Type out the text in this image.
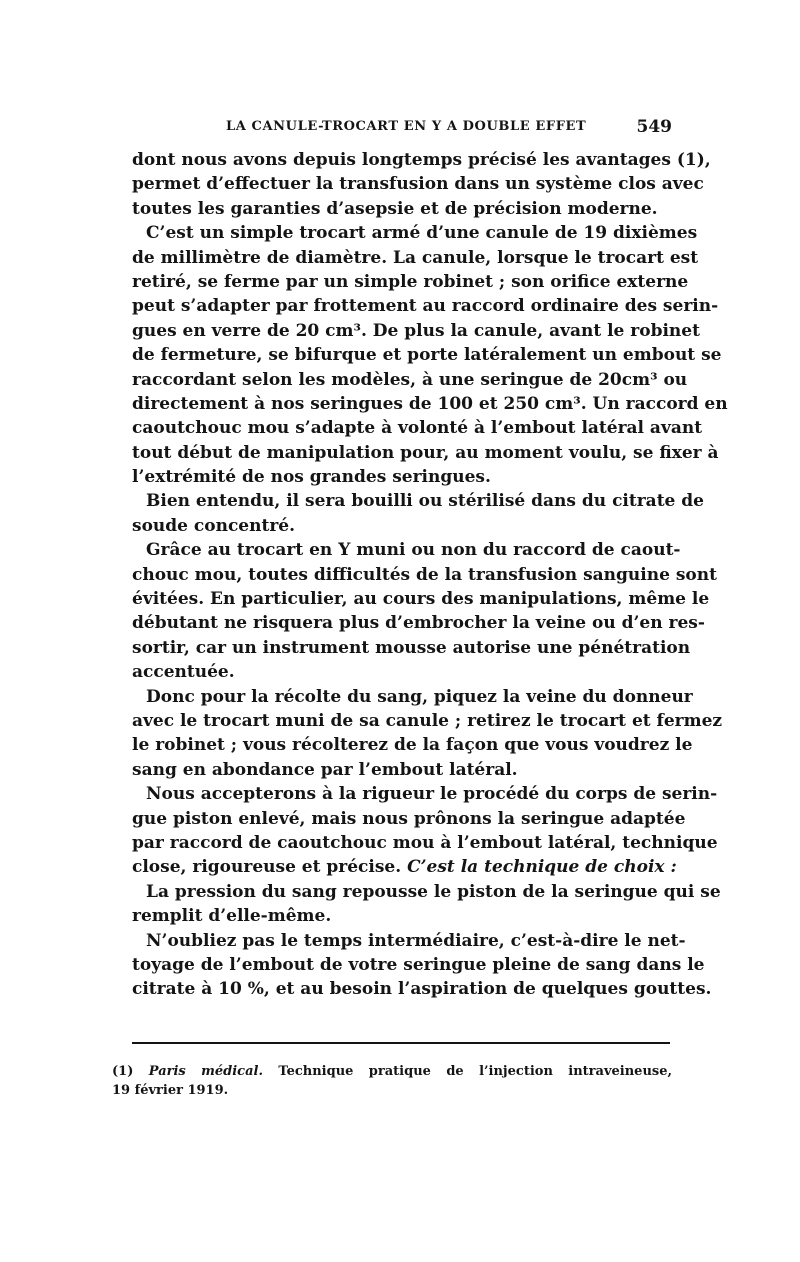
LA CANULE-TROCART EN Y A DOUBLE EFFET	549
dont nous avons depuis longtemps précisé les avantages (1),
permet d’effectuer la transfusion dans un système clos avec
toutes les garanties d’asepsie et de précision moderne.
C’est un simple trocart armé d’une canule de 19 dixièmes
de millimètre de diamètre. La canule, lorsque le trocart est
retiré, se ferme par un simple robinet ; son orifice externe
peut s’adapter par frottement au raccord ordinaire des serin-
gues en verre de 20 cm³. De plus la canule, avant le robinet
de fermeture, se bifurque et porte latéralement un embout se
raccordant selon les modèles, à une seringue de 20cm³ ou
directement à nos seringues de 100 et 250 cm³. Un raccord en
caoutchouc mou s’adapte à volonté à l’embout latéral avant
tout début de manipulation pour, au moment voulu, se fixer à
l’extrémité de nos grandes seringues.
Bien entendu, il sera bouilli ou stérilisé dans du citrate de
soude concentré.
Grâce au trocart en Y muni ou non du raccord de caout-
chouc mou, toutes difficultés de la transfusion sanguine sont
évitées. En particulier, au cours des manipulations, même le
débutant ne risquera plus d’embrocher la veine ou d’en res-
sortir, car un instrument mousse autorise une pénétration
accentuée.
Donc pour la récolte du sang, piquez la veine du donneur
avec le trocart muni de sa canule ; retirez le trocart et fermez
le robinet ; vous récolterez de la façon que vous voudrez le
sang en abondance par l’embout latéral.
Nous accepterons à la rigueur le procédé du corps de serin-
gue piston enlevé, mais nous prônons la seringue adaptée
par raccord de caoutchouc mou à l’embout latéral, technique
close, rigoureuse et précise. C’est la technique de choix :
La pression du sang repousse le piston de la seringue qui se
remplit d’elle-même.
N’oubliez pas le temps intermédiaire, c’est-à-dire le net-
toyage de l’embout de votre seringue pleine de sang dans le
citrate à 10 %, et au besoin l’aspiration de quelques gouttes.
(1) Paris médical. Technique pratique de l’injection intraveineuse,
19 février 1919.
